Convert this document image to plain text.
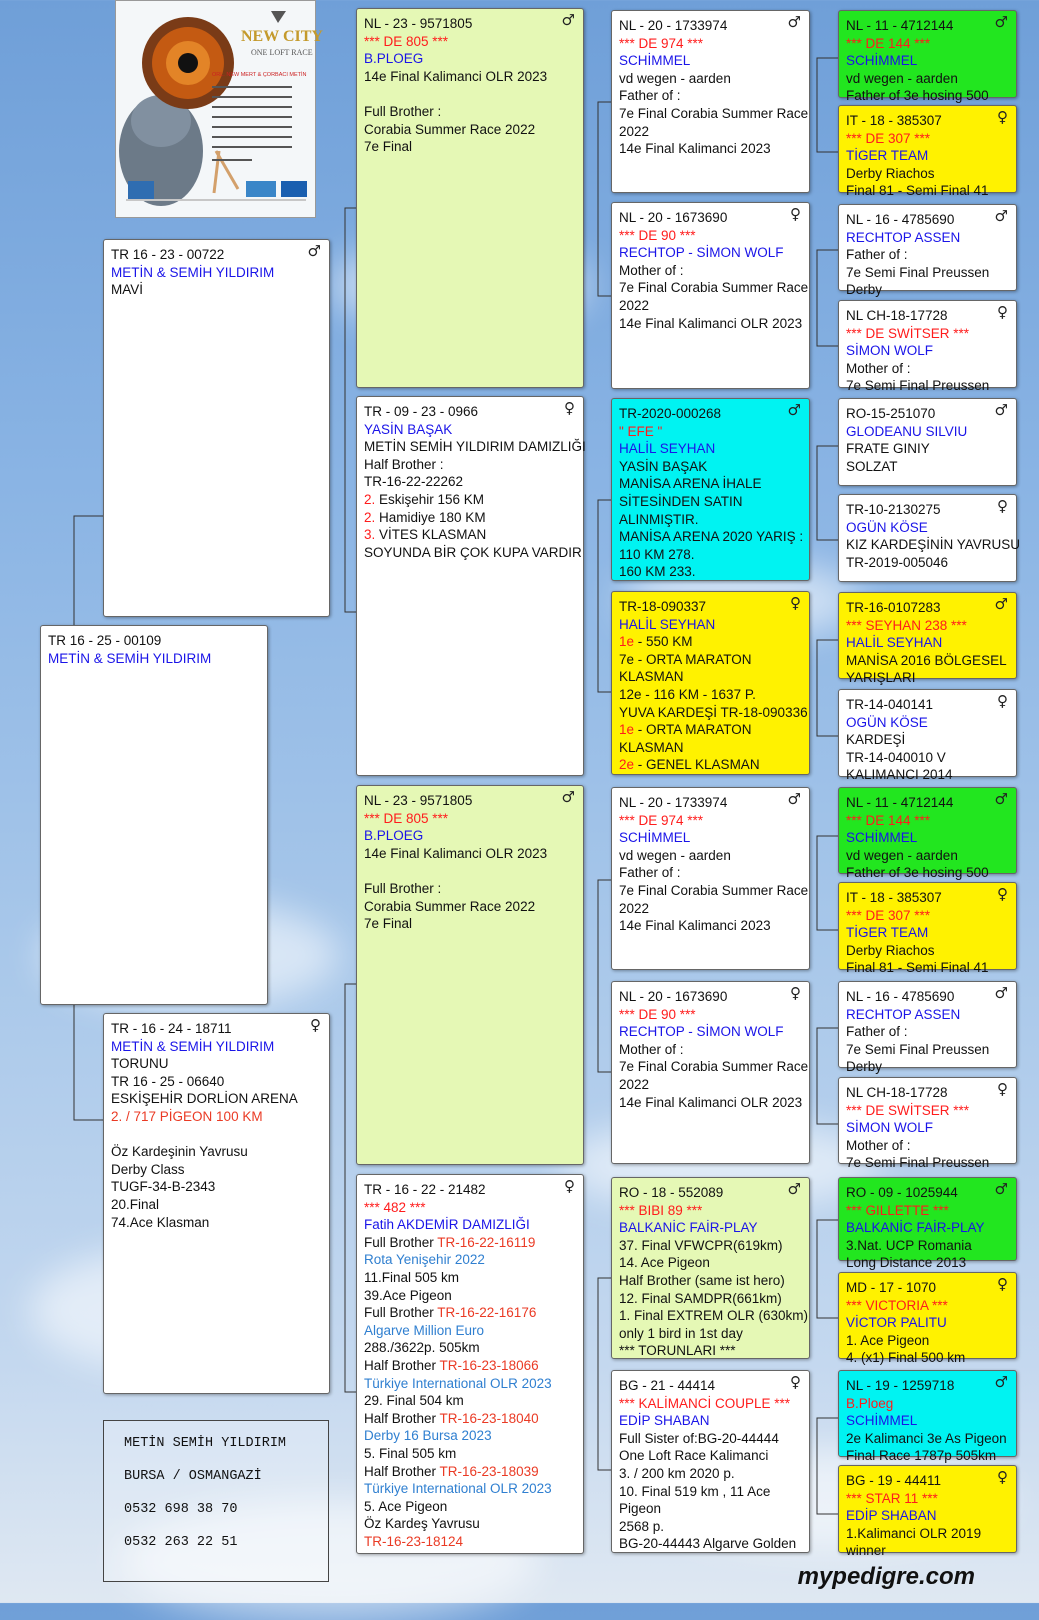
NEW CITY
ONE LOFT RACE
ORL. NEW MERT & ÇORBACI METİN
TR 16 - 25 - 00109
METİN & SEMİH YILDIRIM
♂
TR 16 - 23 - 00722
METİN & SEMİH YILDIRIM
MAVİ
♀
TR - 16 - 24 - 18711
METİN & SEMİH YILDIRIM
TORUNU
TR 16 - 25 - 06640
ESKİŞEHİR DORLİON ARENA
2. / 717 PİGEON 100 KM

Öz Kardeşinin Yavrusu
Derby Class
TUGF-34-B-2343
20.Final
74.Ace Klasman
♂
NL - 23 - 9571805
*** DE 805 ***
B.PLOEG
14e Final Kalimanci OLR 2023

Full Brother :
Corabia Summer Race 2022
7e Final
♀
TR - 09 - 23 - 0966
YASİN BAŞAK
METİN SEMİH YILDIRIM DAMIZLIĞI
Half Brother :
TR-16-22-22262
2. Eskişehir 156 KM
2. Hamidiye 180 KM
3. VİTES KLASMAN
SOYUNDA BİR ÇOK KUPA VARDIR
♂
NL - 23 - 9571805
*** DE 805 ***
B.PLOEG
14e Final Kalimanci OLR 2023

Full Brother :
Corabia Summer Race 2022
7e Final
♀
TR - 16 - 22 - 21482
*** 482 ***
Fatih AKDEMİR DAMIZLIĞI
Full Brother TR-16-22-16119
Rota Yenişehir 2022
11.Final 505 km
39.Ace Pigeon
Full Brother TR-16-22-16176
Algarve Million Euro
288./3622p. 505km
Half Brother TR-16-23-18066
Türkiye International OLR 2023
29. Final 504 km
Half Brother TR-16-23-18040
Derby 16 Bursa 2023
5. Final 505 km
Half Brother TR-16-23-18039
Türkiye International OLR 2023
5. Ace Pigeon
Öz Kardeş Yavrusu
TR-16-23-18124
♂
NL - 20 - 1733974
*** DE 974 ***
SCHİMMEL
vd wegen - aarden
Father of :
7e Final Corabia Summer Race
2022
14e Final Kalimanci 2023
♀
NL - 20 - 1673690
*** DE 90 ***
RECHTOP - SİMON WOLF
Mother of :
7e Final Corabia Summer Race
2022
14e Final Kalimanci OLR 2023
♂
TR-2020-000268
" EFE "
HALİL SEYHAN
YASİN BAŞAK
MANİSA ARENA İHALE
SİTESİNDEN SATIN
ALINMIŞTIR.
MANİSA ARENA 2020 YARIŞ :
110 KM 278.
160 KM 233.
♀
TR-18-090337
HALİL SEYHAN
1e - 550 KM
7e - ORTA MARATON
KLASMAN
12e - 116 KM - 1637 P.
YUVA KARDEŞİ TR-18-090336
1e - ORTA MARATON
KLASMAN
2e - GENEL KLASMAN
♂
NL - 20 - 1733974
*** DE 974 ***
SCHİMMEL
vd wegen - aarden
Father of :
7e Final Corabia Summer Race
2022
14e Final Kalimanci 2023
♀
NL - 20 - 1673690
*** DE 90 ***
RECHTOP - SİMON WOLF
Mother of :
7e Final Corabia Summer Race
2022
14e Final Kalimanci OLR 2023
♂
RO - 18 - 552089
*** BIBI 89 ***
BALKANİC FAİR-PLAY
37. Final VFWCPR(619km)
14. Ace Pigeon
Half Brother (same ist hero)
12. Final SAMDPR(661km)
1. Final EXTREM OLR (630km)
only 1 bird in 1st day
*** TORUNLARI ***
♀
BG - 21 - 44414
*** KALİMANCİ COUPLE ***
EDİP SHABAN
Full Sister of:BG-20-44444
One Loft Race Kalimanci
3. / 200 km 2020 p.
10. Final 519 km , 11 Ace
Pigeon
2568 p.
BG-20-44443 Algarve Golden
♂
NL - 11 - 4712144
*** DE 144 ***
SCHİMMEL
vd wegen - aarden
Father of 3e hosing 500
♀
IT - 18 - 385307
*** DE 307 ***
TİGER TEAM
Derby Riachos
Final 81 - Semi Final 41
♂
NL - 16 - 4785690
RECHTOP ASSEN
Father of :
7e Semi Final Preussen
Derby
♀
NL CH-18-17728
*** DE SWİTSER ***
SİMON WOLF
Mother of :
7e Semi Final Preussen
♂
RO-15-251070
GLODEANU SILVIU
FRATE GINIY
SOLZAT
♀
TR-10-2130275
OGÜN KÖSE
KIZ KARDEŞİNİN YAVRUSU
TR-2019-005046
♂
TR-16-0107283
*** SEYHAN 238 ***
HALİL SEYHAN
MANİSA 2016 BÖLGESEL
YARIŞLARI
♀
TR-14-040141
OGÜN KÖSE
KARDEŞİ
TR-14-040010 V
KALIMANCI 2014
♂
NL - 11 - 4712144
*** DE 144 ***
SCHİMMEL
vd wegen - aarden
Father of 3e hosing 500
♀
IT - 18 - 385307
*** DE 307 ***
TİGER TEAM
Derby Riachos
Final 81 - Semi Final 41
♂
NL - 16 - 4785690
RECHTOP ASSEN
Father of :
7e Semi Final Preussen
Derby
♀
NL CH-18-17728
*** DE SWİTSER ***
SİMON WOLF
Mother of :
7e Semi Final Preussen
♂
RO - 09 - 1025944
*** GILLETTE ***
BALKANİC FAİR-PLAY
3.Nat. UCP Romania
Long Distance 2013
♀
MD - 17 - 1070
*** VICTORIA ***
VİCTOR PALITU
1. Ace Pigeon
4. (x1) Final 500 km
♂
NL - 19 - 1259718
B.Ploeg
SCHİMMEL
2e Kalimanci 3e As Pigeon
Final Race 1787p 505km
♀
BG - 19 - 44411
*** STAR 11 ***
EDİP SHABAN
1.Kalimanci OLR 2019
winner
METİN SEMİH YILDIRIM
BURSA / OSMANGAZİ
0532 698 38 70
0532 263 22 51
mypedigre.com
